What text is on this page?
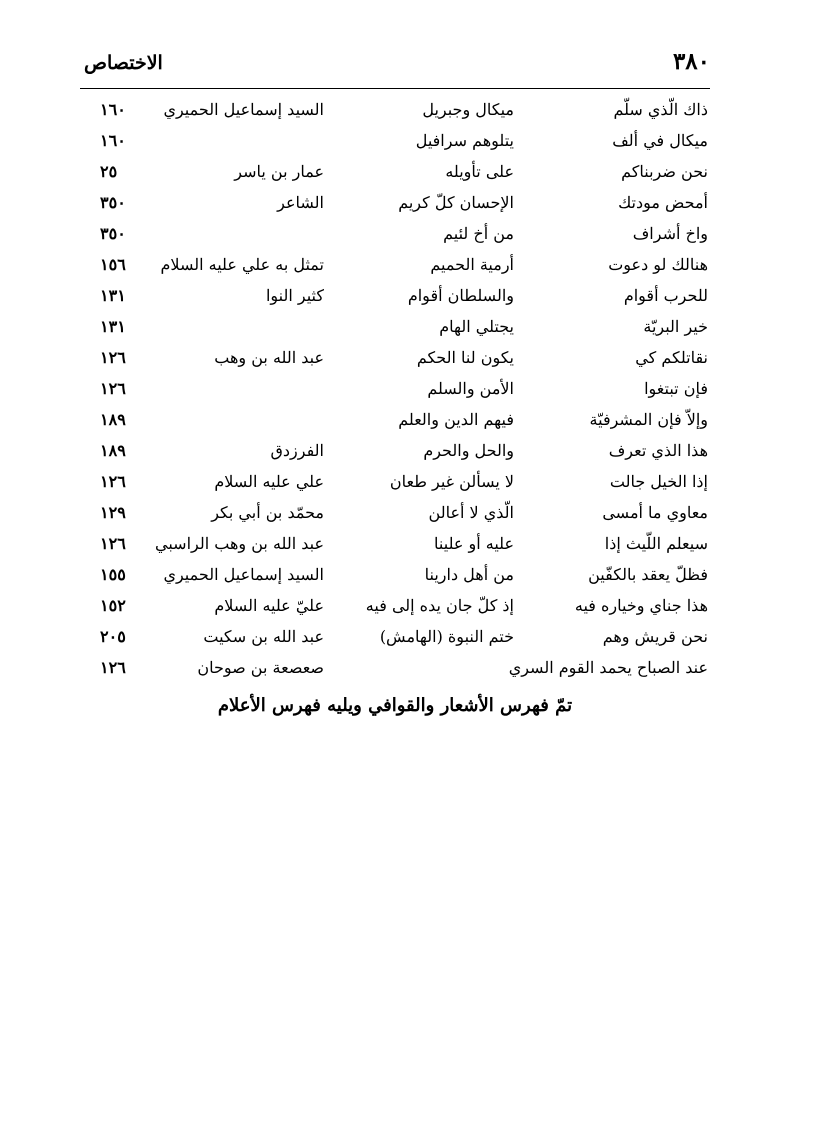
٣٨٠
الاختصاص
ذاك الّذي سلّم
ميكال وجبريل
السيد إسماعيل الحميري
١٦٠
ميكال في ألف
يتلوهم سرافيل
١٦٠
نحن ضربناكم
على تأويله
عمار بن ياسر
٢٥
أمحض مودتك
الإحسان كلّ كريم
الشاعر
٣٥٠
واخ أشراف
من أخ لئيم
٣٥٠
هنالك لو دعوت
أرمية الحميم
تمثل به علي عليه السلام
١٥٦
للحرب أقوام
والسلطان أقوام
كثير النوا
١٣١
خير البريّة
يجتلي الهام
١٣١
نقاتلكم كي
يكون لنا الحكم
عبد الله بن وهب
١٢٦
فإن تبتغوا
الأمن والسلم
١٢٦
وإلاّ فإن المشرفيّة
فيهم الدين والعلم
١٨٩
هذا الذي تعرف
والحل والحرم
الفرزدق
١٨٩
إذا الخيل جالت
لا يسألن غير طعان
علي عليه السلام
١٢٦
معاوي ما أمسى
الّذي لا أعالن
محمّد بن أبي بكر
١٢٩
سيعلم اللّيث إذا
عليه أو علينا
عبد الله بن وهب الراسبي
١٢٦
فظلّ يعقد بالكفّين
من أهل دارينا
السيد إسماعيل الحميري
١٥٥
هذا جناي وخياره فيه
إذ كلّ جان يده إلى فيه
عليّ عليه السلام
١٥٢
نحن قريش وهم
ختم النبوة (الهامش)
عبد الله بن سكيت
٢٠٥
عند الصباح يحمد القوم السري
صعصعة بن صوحان
١٢٦
تمّ فهرس الأشعار والقوافي ويليه فهرس الأعلام
